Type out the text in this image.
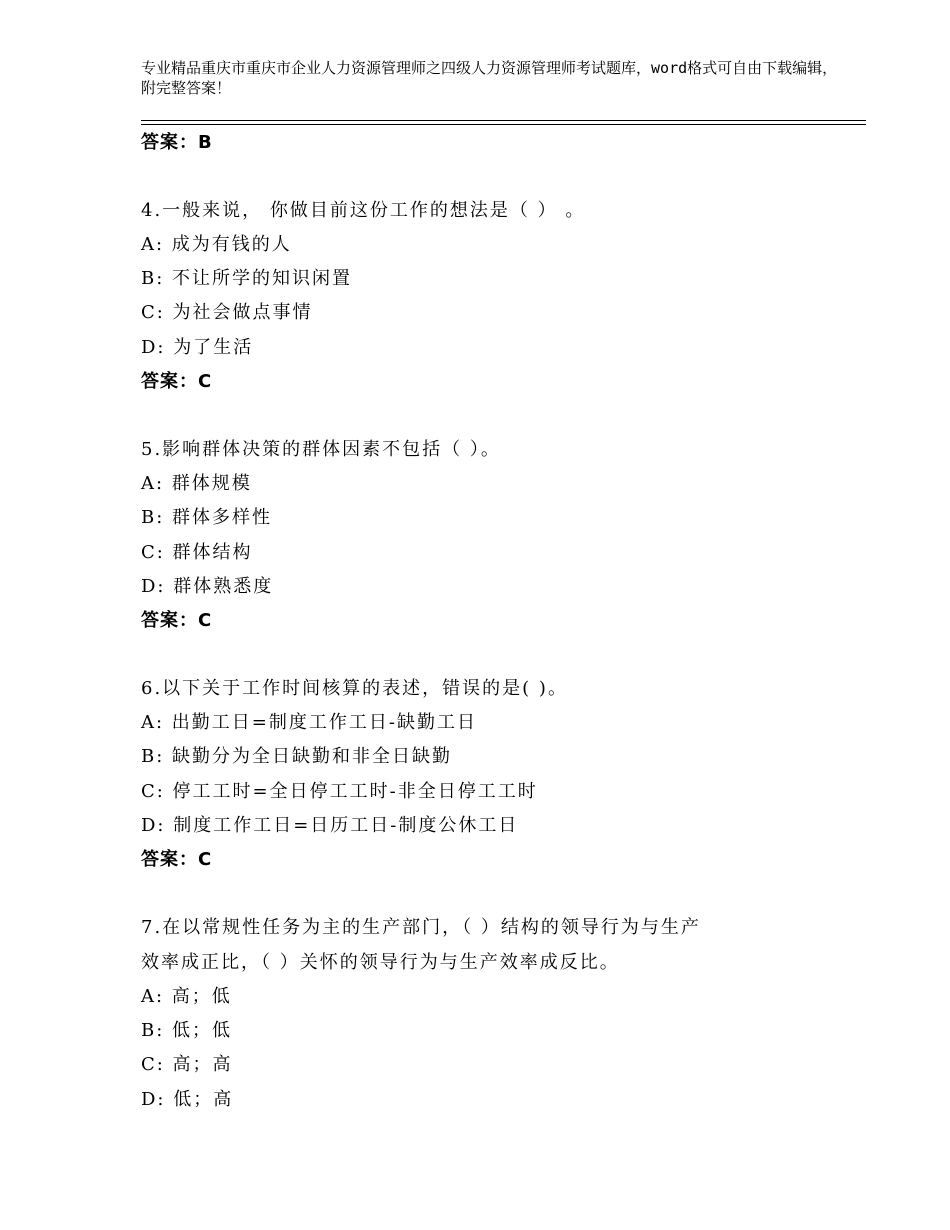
专业精品重庆市重庆市企业人力资源管理师之四级人力资源管理师考试题库，word格式可自由下载编辑，附完整答案！
答案：B
4.一般来说， 你做目前这份工作的想法是（ ） 。
A: 成为有钱的人
B: 不让所学的知识闲置
C: 为社会做点事情
D: 为了生活
答案：C
5.影响群体决策的群体因素不包括（ ）。
A: 群体规模
B: 群体多样性
C: 群体结构
D: 群体熟悉度
答案：C
6.以下关于工作时间核算的表述，错误的是( )。
A: 出勤工日=制度工作工日-缺勤工日
B: 缺勤分为全日缺勤和非全日缺勤
C: 停工工时=全日停工工时-非全日停工工时
D: 制度工作工日=日历工日-制度公休工日
答案：C
7.在以常规性任务为主的生产部门，（ ）结构的领导行为与生产
效率成正比，（ ）关怀的领导行为与生产效率成反比。
A: 高；低
B: 低；低
C: 高；高
D: 低；高
